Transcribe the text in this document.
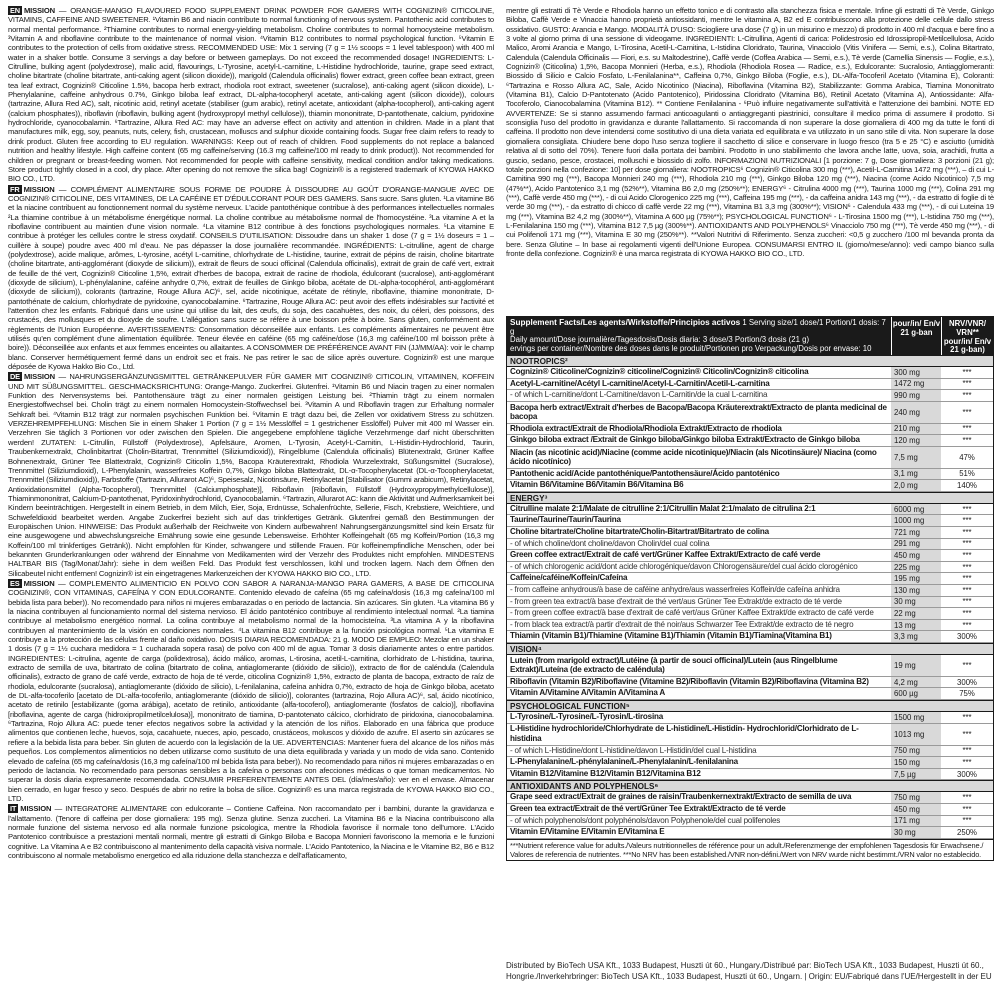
EN MISSION — ORANGE-MANGO FLAVOURED FOOD SUPPLEMENT DRINK POWDER FOR GAMERS WITH COGNIZIN® CITICOLINE, VITAMINS, CAFFEINE AND SWEETENER. ¹Vitamin B6 and niacin contribute to normal functioning of nervous system. Pantothenic acid contributes to normal mental performance. ²Thiamine contributes to normal energy-yielding metabolism. Choline contributes to normal homocysteine metabolism. ³Vitamin A and riboflavine contribute to the maintenance of normal vision. ⁴Vitamin B12 contributes to normal psychological function. ⁵Vitamin E contributes to the protection of cells from oxidative stress. RECOMMENDED USE: Mix 1 serving (7 g = 1½ scoops = 1 level tablespoon) with 400 ml water in a shaker bottle. Consume 3 servings a day before or between gameplays. Do not exceed the recommended dosage! INGREDIENTS: L-Citrulline, bulking agent (polydextrose), malic acid, flavourings, L-Tyrosine, acetyl-L-carnitine, L-Histidine hydrochloride, taurine, grape seed extract, choline bitartrate (choline bitartrate, anti-caking agent (silicon dioxide)), marigold (Calendula officinalis) flower extract, green coffee bean extract, green tea leaf extract, Cognizin® Citicoline 1.5%, bacopa herb extract, rhodiola root extract, sweetener (sucralose), anti-caking agent (silicon dioxide), L-Phenylalanine, caffeine anhydrous 0.7%, Ginkgo biloba leaf extract, DL-alpha-tocopheryl acetate, anti-caking agent (silicon dioxide)), colours (tartrazine, Allura Red AC), salt, nicotinic acid, retinyl acetate (stabiliser (gum arabic), retinyl acetate, antioxidant (alpha-tocopherol), anti-caking agent (calcium phosphates)), riboflavin (riboflavin, bulking agent (hydroxypropyl methyl cellulose)), thiamin mononitrate, D-pantothenate, calcium, pyridoxine hydrochloride, cyanocobalamin. ⁶Tartrazine, Allura Red AC: may have an adverse effect on activity and attention in children. Made in a plant that manufactures milk, egg, soy, peanuts, nuts, celery, fish, crustacean, molluscs and sulphur dioxide containing foods. Sugar free claim refers to ready to drink product. Gluten free according to EU regulation. WARNINGS: Keep out of reach of children. Food supplements do not replace a balanced nutrition and healthy lifestyle. High caffeine content (65 mg caffeine/serving (16.3 mg caffeine/100 ml ready to drink product)). Not recommended for children or pregnant or breast-feeding women. Not recommended for people with caffeine sensitivity, medical condition and/or taking medications. Store product tightly closed in a cool, dry place. After opening do not remove the silica bag! Cognizin® is a registered trademark of KYOWA HAKKO BIO CO., LTD.
FR MISSION — COMPLÉMENT ALIMENTAIRE SOUS FORME DE POUDRE À DISSOUDRE AU GOÛT D'ORANGE-MANGUE AVEC DE COGNIZIN® CITICOLINE, DES VITAMINES, DE LA CAFÉINE ET D'ÉDULCORANT POUR DES GAMERS. Sans sucre. Sans gluten. ¹La vitamine B6 et la niacine contribuent au fonctionnement normal du système nerveux. L'acide pantothénique contribue à des performances intellectuelles normales ²La thiamine contribue à un métabolisme énergétique normal. La choline contribue au métabolisme normal de l'homocystéine. ³La vitamine A et la riboflavine contribuent au maintien d'une vision normale. ⁴La vitamine B12 contribue à des fonctions psychologiques normales. ⁵La vitamine E contribue à protéger les cellules contre le stress oxydatif. CONSEILS D'UTILISATION: Dissoudre dans un shaker 1 dose (7 g = 1½ doseurs = 1 – cuillère à soupe) poudre avec 400 ml d'eau. Ne pas dépasser la dose journalière recommandée. INGRÉDIENTS: L-citrulline, agent de charge (polydextrose), acide malique, arômes, L-tyrosine, acétyl L-carnitine, chlorhydrate de L-histidine, taurine, extrait de pépins de raisin, choline bitartrate (choline bitartrate, anti-agglomérant (dioxyde de silicium)), extrait de fleurs de souci officinal (Calendula officinalis), extrait de grain de café vert, extrait de feuille de thé vert, Cognizin® Citicoline 1,5%, extrait d'herbes de bacopa, extrait de racine de rhodiola, édulcorant (sucralose), anti-agglomérant (dioxyde de silicium), L-phénylalanine, caféine anhydre 0,7%, extrait de feuilles de Ginkgo biloba, acétate de DL-alpha-tocophérol, anti-agglomérant (dioxyde de silicium)), colorants (tartrazine, Rouge Allura AC)⁶, sel, acide nicotinique, acétate de rétinyle, riboflavine, thiamine mononitrate, D-pantothénate de calcium, chlorhydrate de pyridoxine, cyanocobalamine. ⁶Tartrazine, Rouge Allura AC: peut avoir des effets indésirables sur l'activité et l'attention chez les enfants. Fabriqué dans une usine qui utilise du lait, des œufs, du soja, des cacahuètes, des noix, du céleri, des poissons, des crustacés, des mollusques et du dioxyde de soufre. L'allégation sans sucre se réfère à une boisson prête à boire. Sans gluten, conformément aux règlements de l'Union Européenne. AVERTISSEMENTS: Consommation déconseillée aux enfants. Les compléments alimentaires ne peuvent être utilisés qu'en complément d'une alimentation équilibrée. Teneur élevée en caféine (65 mg caféine/dose (16,3 mg caféine/100 ml boisson prête à boire)). Déconseillée aux enfants et aux femmes enceintes ou allaitantes. A CONSOMMER DE PRÉFÉRENCE AVANT FIN (JJ/MM/AA): voir le champ blanc. Conserver hermétiquement fermé dans un endroit sec et frais. Ne pas retirer le sac de silice après ouverture. Cognizin® est une marque déposée de Kyowa Hakko Bio Co., Ltd.
DE MISSION — NAHRUNGSERGÄNZUNGSMITTEL GETRÄNKEPULVER FÜR GAMER MIT COGNIZIN® CITICOLIN, VITAMINEN, KOFFEIN UND MIT SÜßUNGSMITTEL. GESCHMACKSRICHTUNG: Orange-Mango. Zuckerfrei. Glutenfrei. ¹Vitamin B6 und Niacin tragen zu einer normalen Funktion des Nervensystems bei. Pantothensäure trägt zu einer normalen geistigen Leistung bei. ²Thiamin trägt zu einem normalen Energiestoffwechsel bei. Cholin trägt zu einem normalen Homocystein-Stoffwechsel bei. ³Vitamin A und Riboflavin tragen zur Erhaltung normaler Sehkraft bei. ⁴Vitamin B12 trägt zur normalen psychischen Funktion bei. ⁵Vitamin E trägt dazu bei, die Zellen vor oxidativem Stress zu schützen. VERZEHREMPFEHLUNG: Mischen Sie in einem Shaker 1 Portion (7 g = 1½ Messlöffel = 1 gestrichener Esslöffel) Pulver mit 400 ml Wasser ein. Verzehren Sie täglich 3 Portionen vor oder zwischen den Spielen. Die angegebene empfohlene tägliche Verzehrmenge darf nicht überschritten werden! ZUTATEN: L-Citrullin, Füllstoff (Polydextrose), Apfelsäure, Aromen, L-Tyrosin, Acetyl-L-Carnitin, L-Histidin-Hydrochlorid, Taurin, Traubenkernextrakt, Cholinbitartrat (Cholin-Bitartrat, Trennmittel (Siliziumdioxid)), Ringelblume (Calendula officinalis) Blütenextrakt, Grüner Kaffee Bohnenextrakt, Grüner Tee Blattextrakt, Cognizin® Citicolin 1,5%, Bacopa Kräuterextrakt, Rhodiola Wurzelextrakt, Süßungsmittel (Sucralose), Trennmittel (Siliziumdioxid), L-Phenylalanin, wasserfreies Koffein 0,7%, Ginkgo biloba Blattextrakt, DL-α-Tocopherylacetat (DL-α-Tocopherylacetat, Trennmittel (Siliziumdioxid)), Farbstoffe (Tartrazin, Allurarot AC)⁶, Speisesalz, Nicotinsäure, Retinylacetat [Stabilisator (Gummi arabicum), Retinylacetat, Antioxidationsmittel (Alpha-Tocopherol), Trennmittel (Calciumphosphate)], Riboflavin [Riboflavin, Füllstoff (Hydroxypropylmethylcellulose)], Thiaminmononitrat, Calcium-D-pantothenat, Pyridoxinhydrochlorid, Cyanocobalamin. ⁶Tartrazin, Allurarot AC: kann die Aktivität und Aufmerksamkeit bei Kindern beeinträchtigen. Hergestellt in einem Betrieb, in dem Milch, Eier, Soja, Erdnüsse, Schalenfrüchte, Sellerie, Fisch, Krebstiere, Weichtiere, und Schwefeldioxid bearbeitet werden. Angabe Zuckerfrei bezieht sich auf das trinkfertiges Getränk. Glutenfrei gemäß den Bestimmungen der Europäischen Union. HINWEISE: Das Produkt außerhalb der Reichweite von Kindern aufbewahren! Nahrungsergänzungsmittel sind kein Ersatz für eine ausgewogene und abwechslungsreiche Ernährung sowie eine gesunde Lebensweise. Erhöhter Koffeingehalt (65 mg Koffein/Portion (16,3 mg Koffein/100 ml trinkfertiges Getränk)). Nicht empfohlen für Kinder, schwangere und stillende Frauen. Für koffeinempfindliche Menschen, oder bei bekannten Grunderkrankungen oder während der Einnahme von Medikamenten wird der Verzehr des Produktes nicht empfohlen. MINDESTENS HALTBAR BIS (Tag/Monat/Jahr): siehe in dem weißen Feld. Das Produkt fest verschlossen, kühl und trocken lagern. Nach dem Öffnen den Silicabeutel nicht entfernen! Cognizin® ist ein eingetragenes Markenzeichen der KYOWA HAKKO BIO CO., LTD.
ES MISSION — COMPLEMENTO ALIMENTICIO EN POLVO CON SABOR A NARANJA-MANGO PARA GAMERS, A BASE DE CITICOLINA COGNIZIN®, CON VITAMINAS, CAFEÍNA Y CON EDULCORANTE. Contenido elevado de cafeína (65 mg cafeína/dosis (16,3 mg cafeína/100 ml bebida lista para beber)). No recomendado para niños ni mujeres embarazadas o en periodo de lactancia. Sin azúcares. Sin gluten. ¹La vitamina B6 y la niacina contribuyen al funcionamiento normal del sistema nervioso. El ácido pantoténico contribuye al rendimiento intelectual normal. ²La tiamina contribuye al metabolismo energético normal. La colina contribuye al metabolismo normal de la homocisteína. ³La vitamina A y la riboflavina contribuyen al mantenimiento de la visión en condiciones normales. ⁴La vitamina B12 contribuye a la función psicológica normal. ⁵La vitamina E contribuye a la protección de las células frente al daño oxidativo. DOSIS DIARIA RECOMENDADA: 21 g. MODO DE EMPLEO: Mezclar en un shaker 1 dosis (7 g = 1½ cuchara medidora = 1 cucharada sopera rasa) de polvo con 400 ml de agua. Tomar 3 dosis diariamente antes o entre partidos. INGREDIENTES: L-citrulina, agente de carga (polidextrosa), ácido málico, aromas, L-tirosina, acetil-L-carnitina, clorhidrato de L-histidina, taurina, extracto de semilla de uva, bitartrato de colina (bitartrato de colina, antiaglomerante (dióxido de silicio)), extracto de flor de caléndula (Calendula officinalis), extracto de grano de café verde, extracto de hoja de té verde, citicolina Cognizin® 1,5%, extracto de planta de bacopa, extracto de raíz de rhodiola, edulcorante (sucralosa), antiaglomerante (dióxido de silicio), L-fenilalanina, cafeína anhidra 0,7%, extracto de hoja de Ginkgo biloba, acetato de DL-alfa-tocoferilo [acetato de DL-alfa-tocoferilo, antiaglomerante (dióxido de silicio)], colorantes (tartrazina, Rojo Allura AC)⁶, sal, ácido nicotínico, acetato de retinilo [estabilizante (goma arábiga), acetato de retinilo, antioxidante (alfa-tocoferol), antiaglomerante (fosfatos de calcio)], riboflavina [riboflavina, agente de carga (hidroxipropilmetilcelulosa)], mononitrato de tiamina, D-pantotenato cálcico, clorhidrato de piridoxina, cianocobalamina. ⁶Tartrazina, Rojo Allura AC: puede tener efectos negativos sobre la actividad y la atención de los niños. Elaborado en una fábrica que produce alimentos que contienen leche, huevos, soja, cacahuete, nueces, apio, pescado, crustáceos, moluscos y dióxido de azufre. El aserto sin azúcares se refiere a la bebida lista para beber. Sin gluten de acuerdo con la legislación de la UE. ADVERTENCIAS: Mantener fuera del alcance de los niños más pequeños. Los complementos alimenticios no deben utilizarse como sustituto de una dieta equilibrada y variada y un modo de vida sano. Contenido elevado de cafeína (65 mg cafeína/dosis (16,3 mg cafeína/100 ml bebida lista para beber)). No recomendado para niños ni mujeres embarazadas o en periodo de lactancia. No recomendado para personas sensibles a la cafeína o personas con afecciones médicas o que toman medicamentos. No superar la dosis diaria expresamente recomendada. CONSUMIR PREFERENTEMENTE ANTES DEL (día/mes/año): ver en el envase. Almacenar bien cerrado, en lugar fresco y seco. Después de abrir no retire la bolsa de sílice. Cognizin® es una marca registrada de KYOWA HAKKO BIO CO., LTD.
IT MISSION — INTEGRATORE ALIMENTARE con edulcorante – Contiene Caffeina. Non raccomandato per i bambini, durante la gravidanza e l'allattamento. (Tenore di caffeina per dose giornaliera: 195 mg). Senza glutine. Senza zuccheri. La Vitamina B6 e la Niacina contribuiscono alla normale funzione del sistema nervoso ed alla normale funzione psicologica, mentre la Rhodiola favorisce il normale tono dell'umore. L'Acido Pantotenico contribuisce a prestazioni mentali normali, mentre gli estratti di Ginkgo Biloba e Bacopa Monnieri favoriscono la memoria e le funzioni cognitive. La Vitamina A e B2 contribuiscono al mantenimento della capacità visiva normale. L'Acido Pantotenico, la Niacina e le Vitamine B2, B6 e B12 contribuiscono al normale metabolismo energetico ed alla riduzione della stanchezza e dell'affaticamento,
mentre gli estratti di Tè Verde e Rhodiola hanno un effetto tonico e di contrasto alla stanchezza fisica e mentale. Infine gli estratti di Tè Verde, Ginkgo Biloba, Caffè Verde e Vinaccia hanno proprietà antiossidanti, mentre le vitamina A, B2 ed E contribuiscono alla protezione delle cellule dallo stress ossidativo. GUSTO: Arancia e Mango. MODALITÀ D'USO: Sciogliere una dose (7 g) in un misurino e mezzo) di prodotto in 400 ml d'acqua e bere fino a 3 volte al giorno prima di una sessione di videogame. INGREDIENTI: L-Citrullina, Agenti di carica: Polidestrosio ed Idrossipropil-Metilcellulosa, Acido Malico, Aromi Arancia e Mango, L-Tirosina, Acetil-L-Carnitina, L-Istidina Cloridrato, Taurina, Vinacciolo (Vitis Vinifera — Semi, e.s.), Colina Bitartrato, Calendula (Calendula Officinalis — Fiori, e.s. su Maltodestrine), Caffè verde (Coffea Arabica — Semi, e.s.), Tè verde (Camellia Sinensis — Foglie, e.s.), Cognizin® (Citicolina) 1,5%, Bacopa Monnieri (Herba, e.s.), Rhodiola (Rhodiola Rosea — Radice, e.s.), Edulcorante: Sucralosio, Antiagglomeranti: Biossido di Silicio e Calcio Fosfato, L-Fenilalanina**, Caffeina 0,7%, Ginkgo Biloba (Foglie, e.s.), DL-Alfa-Tocoferil Acetato (Vitamina E), Coloranti: ⁶Tartrazina e Rosso Allura AC, Sale, Acido Nicotinico (Niacina), Riboflavina (Vitamina B2), Stabilizzante: Gomma Arabica, Tiamina Mononitrato (Vitamina B1), Calcio D-Pantotenato (Acido Pantotenico), Piridossina Cloridrato (Vitamina B6), Retinil Acetato (Vitamina A), Antiossidante: Alfa-Tocoferolo, Cianocobalamina (Vitamina B12). ** Contiene Fenilalanina - ⁶Può influire negativamente sull'attività e l'attenzione dei bambini. NOTE ED AVVERTENZE: Se si stanno assumendo farmaci anticoagulanti o antiaggreganti piastrinici, consultare il medico prima di assumere il prodotto. Si sconsiglia l'uso del prodotto in gravidanza e durante l'allattamento. Si raccomanda di non superare la dose giornaliera di 400 mg da tutte le fonti di caffeina. Il prodotto non deve intendersi come sostitutivo di una dieta variata ed equilibrata e va utilizzato in un sano stile di vita. Non superare la dose giornaliera consigliata. Chiudere bene dopo l'uso senza togliere il sacchetto di silice e conservare in luogo fresco (tra 5 e 25 °C) e asciutto (umidità relativa al di sotto del 70%). Tenere fuori dalla portata dei bambini. Prodotto in uno stabilimento che lavora anche latte, uova, soia, arachidi, frutta a guscio, sedano, pesce, crostacei, molluschi e biossido di zolfo. INFORMAZIONI NUTRIZIONALI [1 porzione: 7 g, Dose giornaliera: 3 porzioni (21 g); totale porzioni nella confezione: 10] per dose giornaliera: NOOTROPICS⁶ Cognizin® Citicolina 300 mg (***), Acetil-L-Carnitina 1472 mg (***), – di cui L-Carnitina 990 mg (***), Bacopa Monnieri 240 mg (***), Rhodiola 210 mg (***), Ginkgo Biloba 120 mg (***), Niacina (come Acido Nicotinico) 7,5 mg (47%**), Acido Pantotenico 3,1 mg (52%**), Vitamina B6 2,0 mg (250%**); ENERGY⁶ - Citrulina 4000 mg (***), Taurina 1000 mg (***), Colina 291 mg (***), Caffè verde 450 mg (***), - di cui Acido Clorogenico 225 mg (***), Caffeina 195 mg (***), - da caffeina anidra 143 mg (***), - da estratto di foglie di tè verde 30 mg (***), - da estratto di chicco di caffè verde 22 mg (***), Vitamina B1 3,3 mg (300%**); VISION⁶ - Calendula 433 mg (***), - di cui Luteina 19 mg (***), Vitamina B2 4,2 mg (300%**), Vitamina A 600 µg (75%**); PSYCHOLOGICAL FUNCTION⁶ - L-Tirosina 1500 mg (***), L-Istidina 750 mg (***), L-Fenilalanina 150 mg (***), Vitamina B12 7,5 µg (300%**). ANTIOXIDANTS AND POLYPHENOLS⁶ Vinacciolo 750 mg (***), Tè verde 450 mg (***), - di cui Polifenoli 171 mg (***), Vitamina E 30 mg (250%**). **Valori Nutritivi di Riferimento. Senza zuccheri: <0,5 g zucchero /100 ml bevanda pronta da bere. Senza Glutine – In base ai regolamenti vigenti dell'Unione Europea. CONSUMARSI ENTRO IL (giorno/mese/anno): vedi campo bianco sulla fronte della confezione. Cognizin® è una marca registrata di KYOWA HAKKO BIO CO., LTD.
Supplement Facts/Les agents/Wirkstoffe/Principios activos 1 Serving size/1 dose/1 Portion/1 dosis: 7 g
Daily amount/Dose journalière/Tagesdosis/Dosis diaria: 3 dose/3 Portion/3 dosis (21 g)
ervings per container/Nombre des doses dans le produit/Portionen pro Verpackung/Dosis por envase: 10
pour/in/ En/v 21 g-ban
NRV/VNR/ VRN** pour/in/ En/v 21 g-ban)
NOOTROPICS²
Cognizin® Citicoline/Cognizin® citicoline/Cognizin® Citicolin/Cognizin® citicolina	300 mg	***
Acetyl-L-carnitine/Acétyl L-carnitine/Acetyl-L-Carnitin/Acetil-L-carnitina	1472 mg	***
- of which L-carnitine/dont L-Carnitine/davon L-Carnitin/de la cual L-carnitina	990 mg	***
Bacopa herb extract/Extrait d'herbes de Bacopa/Bacopa Kräuterextrakt/Extracto de planta medicinal de bacopa	240 mg	***
Rhodiola extract/Extrait de Rhodiola/Rhodiola Extrakt/Extracto de rhodiola	210 mg	***
Ginkgo biloba extract /Extrait de Ginkgo biloba/Ginkgo biloba Extrakt/Extracto de Ginkgo biloba	120 mg	***
Niacin (as nicotinic acid)/Niacine (comme acide nicotinique)/Niacin (als Nicotinsäure)/ Niacina (como ácido nicotínico)	7,5 mg	47%
Pantothenic acid/Acide pantothénique/Pantothensäure/Ácido pantoténico	3,1 mg	51%
Vitamin B6/Vitamine B6/Vitamin B6/Vitamina B6	2,0 mg	140%
ENERGY³
Citrulline malate 2:1/Malate de citrulline 2:1/Citrullin Malat 2:1/malato de citrulina 2:1	6000 mg	***
Taurine/Taurine/Taurin/Taurina	1000 mg	***
Choline bitartrate/Choline bitartrate/Cholin-Bitartrat/Bitartrato de colina	721 mg	***
- of which choline/dont choline/davon Cholin/del cual colina	291 mg	***
Green coffee extract/Extrait de café vert/Grüner Kaffee Extrakt/Extracto de café verde	450 mg	***
- of which chlorogenic acid/dont acide chlorogénique/davon Chlorogensäure/del cual ácido clorogénico	225 mg	***
Caffeine/caféine/Koffein/Cafeína	195 mg	***
- from caffeine anhydrous/à base de caféine anhydre/aus wasserfreies Koffein/de cafeína anhidra	130 mg	***
- from green tea extract/à base d'extrait de thé vert/aus Grüner Tee Extrakt/de extracto de té verde	30 mg	***
- from green coffee extract/à base d'extrait de café vert/aus Grüner Kaffee Extrakt/de extracto de café verde	22 mg	***
- from black tea extract/à partir d'extrait de thé noir/aus Schwarzer Tee Extrakt/de extracto de té negro	13 mg	***
Thiamin (Vitamin B1)/Thiamine (Vitamine B1)/Thiamin (Vitamin B1)/Tiamina(Vitamina B1)	3,3 mg	300%
VISION⁴
Lutein (from marigold extract)/Lutéine (à partir de souci officinal)/Lutein (aus Ringelblume Extrakt)/Luteína (de extracto de caléndula)	19 mg	***
Riboflavin (Vitamin B2)/Riboflavine (Vitamine B2)/Riboflavin (Vitamin B2)/Riboflavina (Vitamina B2)	4,2 mg	300%
Vitamin A/Vitamine A/Vitamin A/Vitamina A	600 µg	75%
PSYCHOLOGICAL FUNCTION⁵
L-Tyrosine/L-Tyrosine/L-Tyrosin/L-tirosina	1500 mg	***
L-Histidine hydrochloride/Chlorhydrate de L-histidine/L-Histidin- Hydrochlorid/Clorhidrato de L-histidina	1013 mg	***
- of which L-Histidine/dont L-histidine/davon L-Histidin/del cual L-histidina	750 mg	***
L-Phenylalanine/L-phénylalanine/L-Phenylalanin/L-fenilalanina	150 mg	***
Vitamin B12/Vitamine B12/Vitamin B12/Vitamina B12	7,5 µg	300%
ANTIOXIDANTS AND POLYPHENOLS⁶
Grape seed extract/Extrait de graines de raisin/Traubenkernextrakt/Extracto de semilla de uva	750 mg	***
Green tea extract/Extrait de thé vert/Grüner Tee Extrakt/Extracto de té verde	450 mg	***
- of which polyphenols/dont polyphénols/davon Polyphenole/del cual polifenoles	171 mg	***
Vitamin E/Vitamine E/Vitamin E/Vitamina E	30 mg	250%
***Nutrient reference value for adults./Valeurs nutritionnelles de référence pour un adult./Referenzmenge der empfohlenen Tagesdosis für Erwachsene./ Valores de referencia de nutrientes. ***No NRV has been established./VNR non-défini./Wert von NRV wurde nicht bestimmt./VRN valor no establecido.
Distributed by BioTech USA Kft., 1033 Budapest, Huszti út 60., Hungary./Distribué par: BioTech USA Kft., 1033 Budapest, Huszti út 60., Hongrie./Inverkehrbringer: BioTech USA Kft., 1033 Budapest, Huszti út 60., Ungarn. | Origin: EU/Fabriqué dans l'UE/Hergestellt in der EU
